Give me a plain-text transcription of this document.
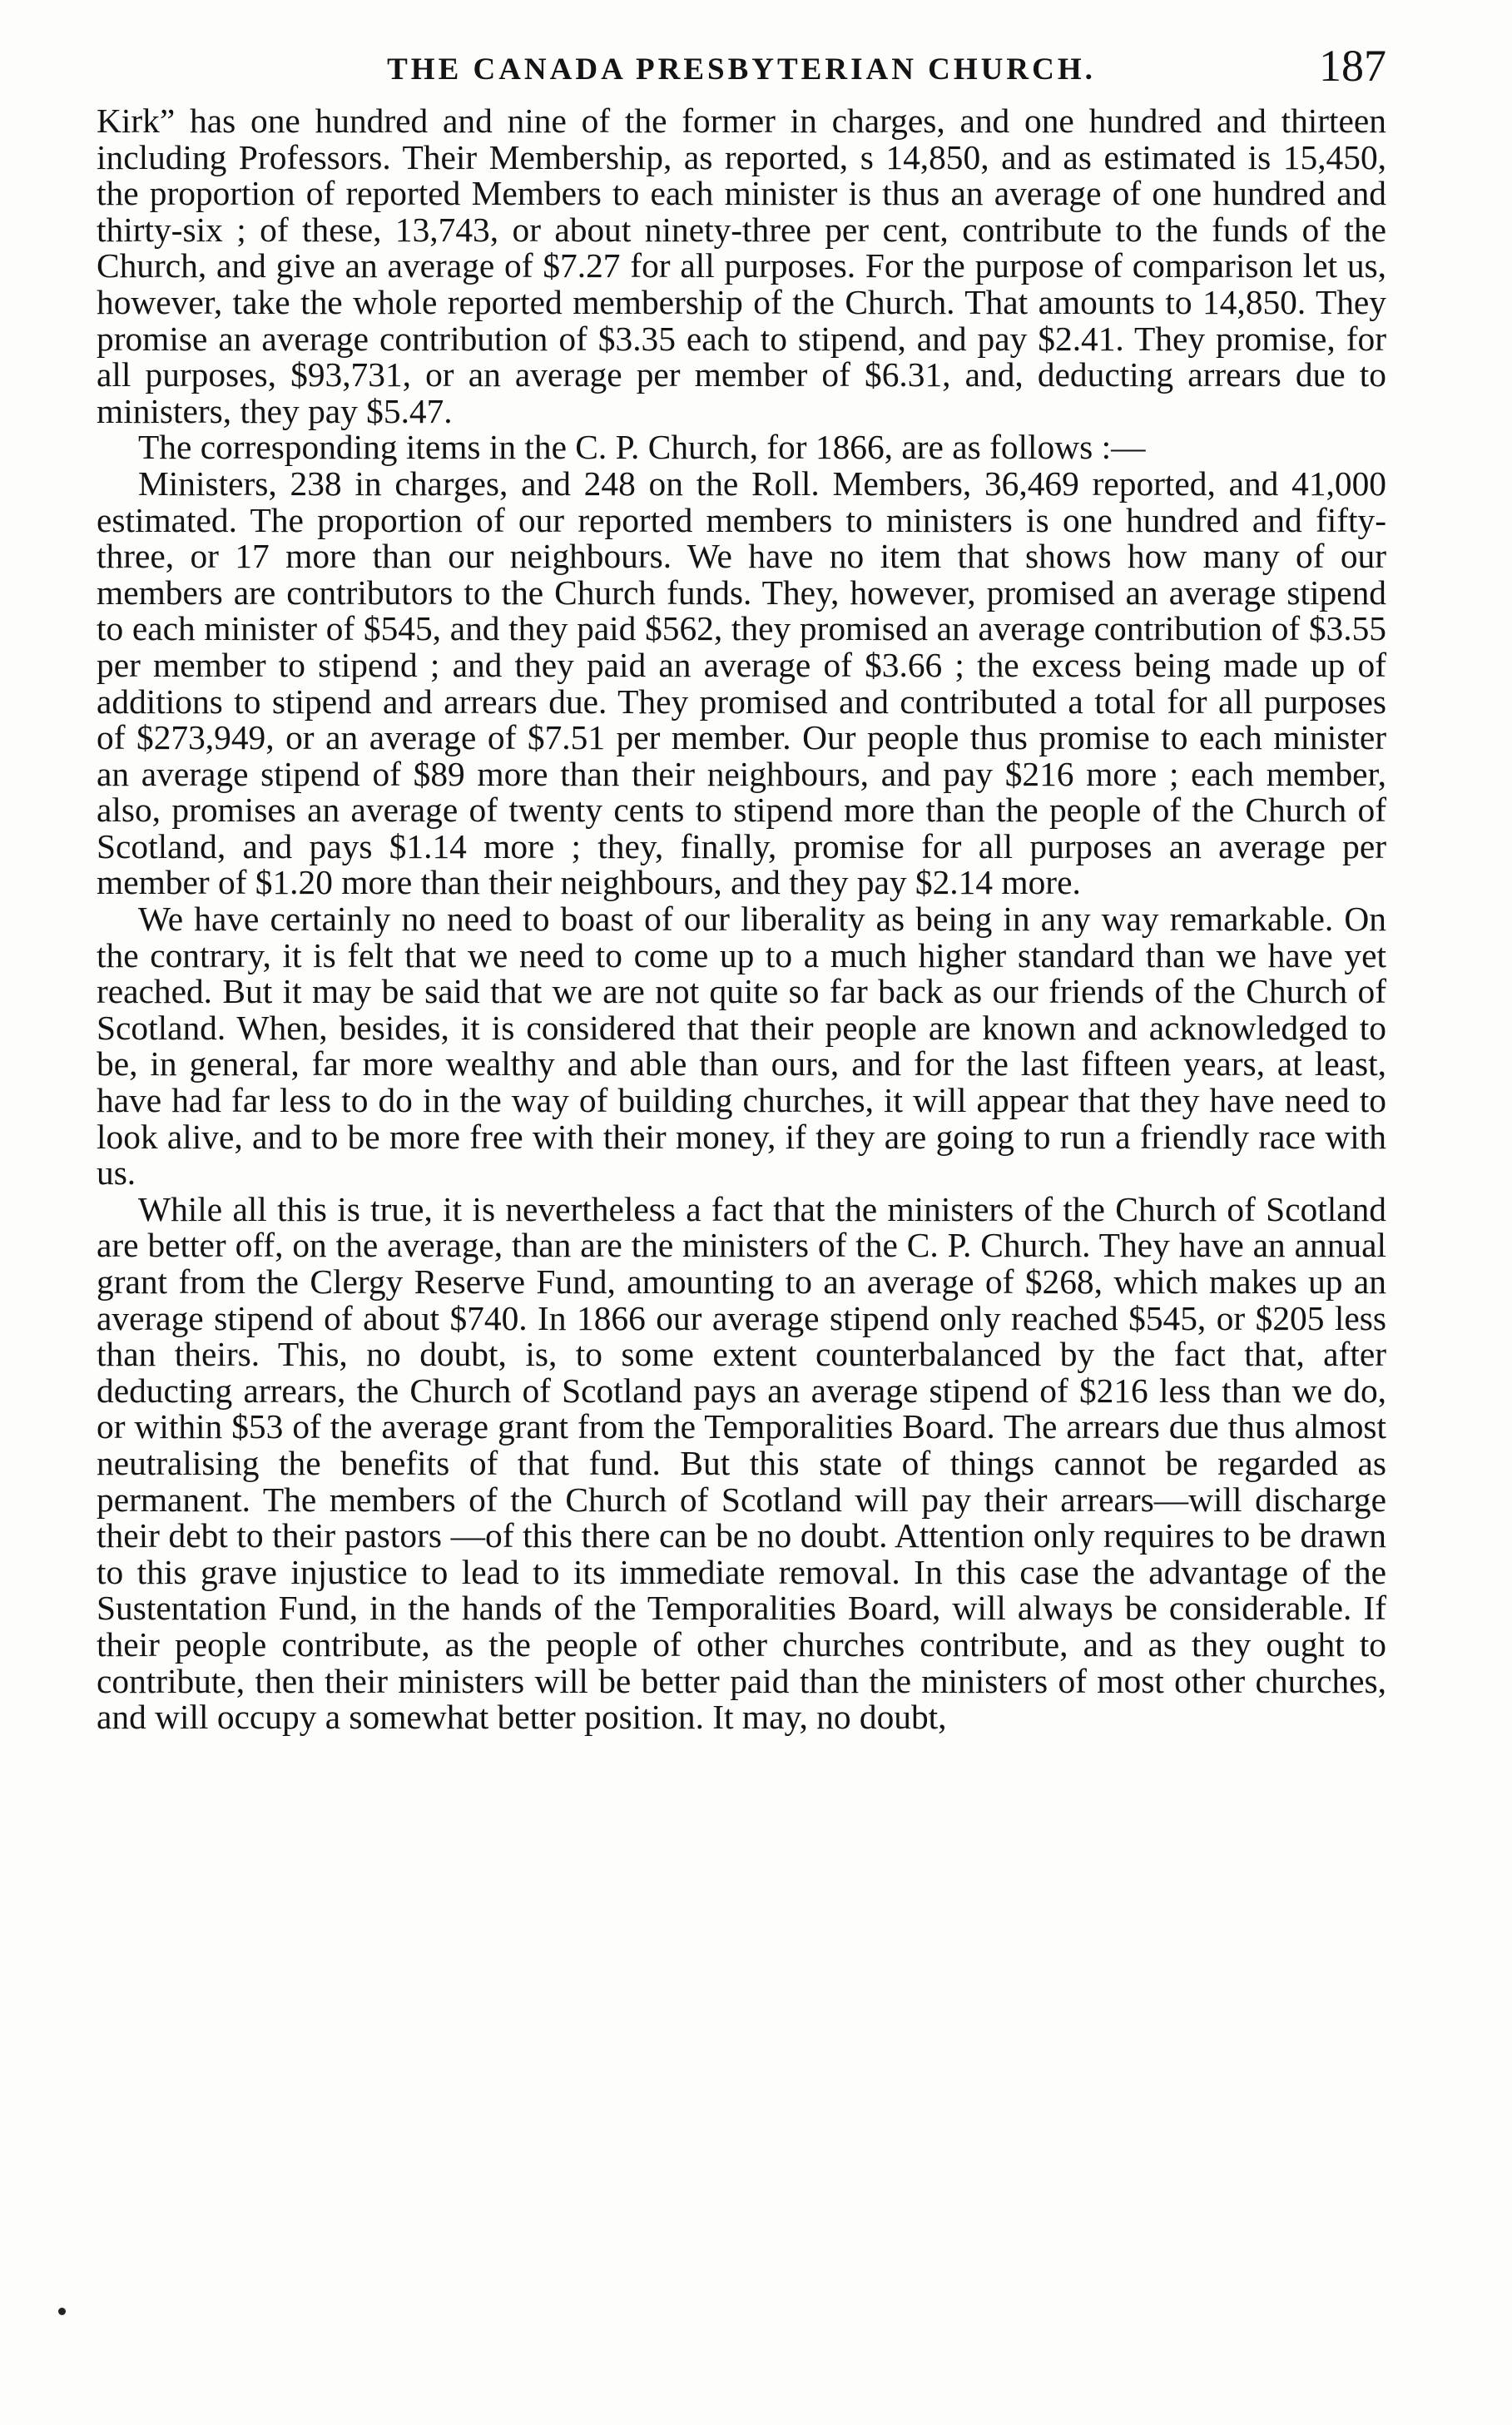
THE CANADA PRESBYTERIAN CHURCH.	187

Kirk” has one hundred and nine of the former in charges, and one hundred and thirteen including Professors. Their Membership, as reported, s 14,850, and as estimated is 15,450, the proportion of reported Members to each minister is thus an average of one hundred and thirty-six ; of these, 13,743, or about ninety-three per cent, contribute to the funds of the Church, and give an average of $7.27 for all purposes. For the purpose of comparison let us, however, take the whole reported membership of the Church. That amounts to 14,850. They promise an average contribution of $3.35 each to stipend, and pay $2.41. They promise, for all purposes, $93,731, or an average per member of $6.31, and, deducting arrears due to ministers, they pay $5.47.

The corresponding items in the C. P. Church, for 1866, are as follows :—

Ministers, 238 in charges, and 248 on the Roll. Members, 36,469 reported, and 41,000 estimated. The proportion of our reported members to ministers is one hundred and fifty-three, or 17 more than our neighbours. We have no item that shows how many of our members are contributors to the Church funds. They, however, promised an average stipend to each minister of $545, and they paid $562, they promised an average contribution of $3.55 per member to stipend ; and they paid an average of $3.66 ; the excess being made up of additions to stipend and arrears due. They promised and contributed a total for all purposes of $273,949, or an average of $7.51 per member. Our people thus promise to each minister an average stipend of $89 more than their neighbours, and pay $216 more ; each member, also, promises an average of twenty cents to stipend more than the people of the Church of Scotland, and pays $1.14 more ; they, finally, promise for all purposes an average per member of $1.20 more than their neighbours, and they pay $2.14 more.

We have certainly no need to boast of our liberality as being in any way remarkable. On the contrary, it is felt that we need to come up to a much higher standard than we have yet reached. But it may be said that we are not quite so far back as our friends of the Church of Scotland. When, besides, it is considered that their people are known and acknowledged to be, in general, far more wealthy and able than ours, and for the last fifteen years, at least, have had far less to do in the way of building churches, it will appear that they have need to look alive, and to be more free with their money, if they are going to run a friendly race with us.

While all this is true, it is nevertheless a fact that the ministers of the Church of Scotland are better off, on the average, than are the ministers of the C. P. Church. They have an annual grant from the Clergy Reserve Fund, amounting to an average of $268, which makes up an average stipend of about $740. In 1866 our average stipend only reached $545, or $205 less than theirs. This, no doubt, is, to some extent counterbalanced by the fact that, after deducting arrears, the Church of Scotland pays an average stipend of $216 less than we do, or within $53 of the average grant from the Temporalities Board. The arrears due thus almost neutralising the benefits of that fund. But this state of things cannot be regarded as permanent. The members of the Church of Scotland will pay their arrears—will discharge their debt to their pastors —of this there can be no doubt. Attention only requires to be drawn to this grave injustice to lead to its immediate removal. In this case the advantage of the Sustentation Fund, in the hands of the Temporalities Board, will always be considerable. If their people contribute, as the people of other churches contribute, and as they ought to contribute, then their ministers will be better paid than the ministers of most other churches, and will occupy a somewhat better position. It may, no doubt,
